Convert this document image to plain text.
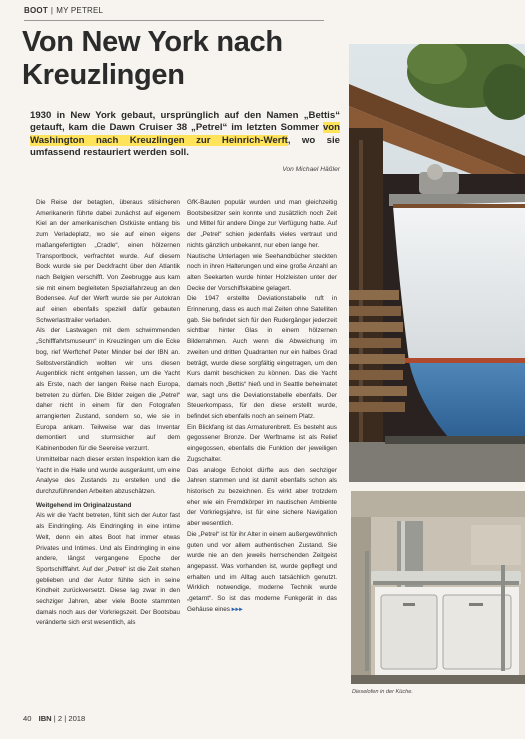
BOOT | MY PETREL
Von New York nach Kreuzlingen
1930 in New York gebaut, ursprünglich auf den Namen „Bettis“ getauft, kam die Dawn Cruiser 38 „Petrel“ im letzten Sommer von Washington nach Kreuzlingen zur Heinrich-Werft, wo sie umfassend restauriert werden soll.
Von Michael Häßler

Die Reise der betagten, überaus stilsicheren Amerikanerin führte dabei zunächst auf eigenem Kiel an der amerikanischen Ostküste entlang bis zum Verladeplatz, wo sie auf einen eigens maßangefertigten „Cradle“, einen hölzernen Transportbock, verfrachtet wurde. Auf diesem Bock wurde sie per Deckfracht über den Atlantik nach Belgien verschifft. Von Zeebrugge aus kam sie mit einem begleiteten Spezialfahrzeug an den Bodensee. Auf der Werft wurde sie per Autokran auf einen ebenfalls speziell dafür gebauten Schwerlasttrailer verladen.

Als der Lastwagen mit dem schwimmenden „Schifffahrtsmuseum“ in Kreuzlingen um die Ecke bog, rief Werftchef Peter Minder bei der IBN an. Selbstverständlich wollten wir uns diesen Augenblick nicht entgehen lassen, um die Yacht als Erste, nach der langen Reise nach Europa, betreten zu dürfen. Die Bilder zeigen die „Petrel“ daher nicht in einem für den Fotografen arrangierten Zustand, sondern so, wie sie in Europa ankam. Teilweise war das Inventar demontiert und sturmsicher auf dem Kabinenboden für die Seereise verzurrt.

Unmittelbar nach dieser ersten Inspektion kam die Yacht in die Halle und wurde ausgeräumt, um eine Analyse des Zustands zu erstellen und die durchzuführenden Arbeiten abzuschätzen.

Weitgehend im Originalzustand

Als wir die Yacht betreten, fühlt sich der Autor fast als Eindringling. Als Eindringling in eine intime Welt, denn ein altes Boot hat immer etwas Privates und Intimes. Und als Eindringling in eine andere, längst vergangene Epoche der Sportschifffahrt. Auf der „Petrel“ ist die Zeit stehen geblieben und der Autor fühlte sich in seine Kindheit zurückversetzt. Diese lag zwar in den sechziger Jahren, aber viele Boote stammten damals noch aus der Vorkriegszeit. Der Bootsbau veränderte sich erst wesentlich, als

GfK-Bauten populär wurden und man gleichzeitig Bootsbesitzer sein konnte und zusätzlich noch Zeit und Mittel für andere Dinge zur Verfügung hatte. Auf der „Petrel“ schien jedenfalls vieles vertraut und nichts gänzlich unbekannt, nur eben lange her.

Nautische Unterlagen wie Seehandbücher steckten noch in ihren Halterungen und eine große Anzahl an alten Seekarten wurde hinter Holzleisten unter der Decke der Vorschiffskabine gelagert.

Die 1947 erstellte Deviationstabelle ruft in Erinnerung, dass es auch mal Zeiten ohne Satelliten gab. Sie befindet sich für den Rudergänger jederzeit sichtbar hinter Glas in einem hölzernen Bilderrahmen. Auch wenn die Abweichung im zweiten und dritten Quadranten nur ein halbes Grad beträgt, wurde diese sorgfältig eingetragen, um den Kurs damit beschicken zu können. Das die Yacht damals noch „Bettis“ hieß und in Seattle beheimatet war, sagt uns die Deviationstabelle ebenfalls. Der Steuerkompass, für den diese erstellt wurde, befindet sich ebenfalls noch an seinem Platz.

Ein Blickfang ist das Armaturenbrett. Es besteht aus gegossener Bronze. Der Werftname ist als Relief eingegossen, ebenfalls die Funktion der jeweiligen Zugschalter.

Das analoge Echolot dürfte aus den sechziger Jahren stammen und ist damit ebenfalls schon als historisch zu bezeichnen. Es wirkt aber trotzdem eher wie ein Fremdkörper im nautischen Ambiente der Vorkriegsjahre, ist für eine sichere Navigation aber wesentlich.

Die „Petrel“ ist für ihr Alter in einem außergewöhnlich guten und vor allem authentischen Zustand. Sie wurde nie an den jeweils herrschenden Zeitgeist angepasst. Was vorhanden ist, wurde gepflegt und erhalten und im Alltag auch tatsächlich genutzt. Wirklich notwendige, moderne Technik wurde „getarnt“. So ist das moderne Funkgerät in das Gehäuse eines ▸▸▸

Dieselofen in der Küche.
40 IBN | 2 | 2018
